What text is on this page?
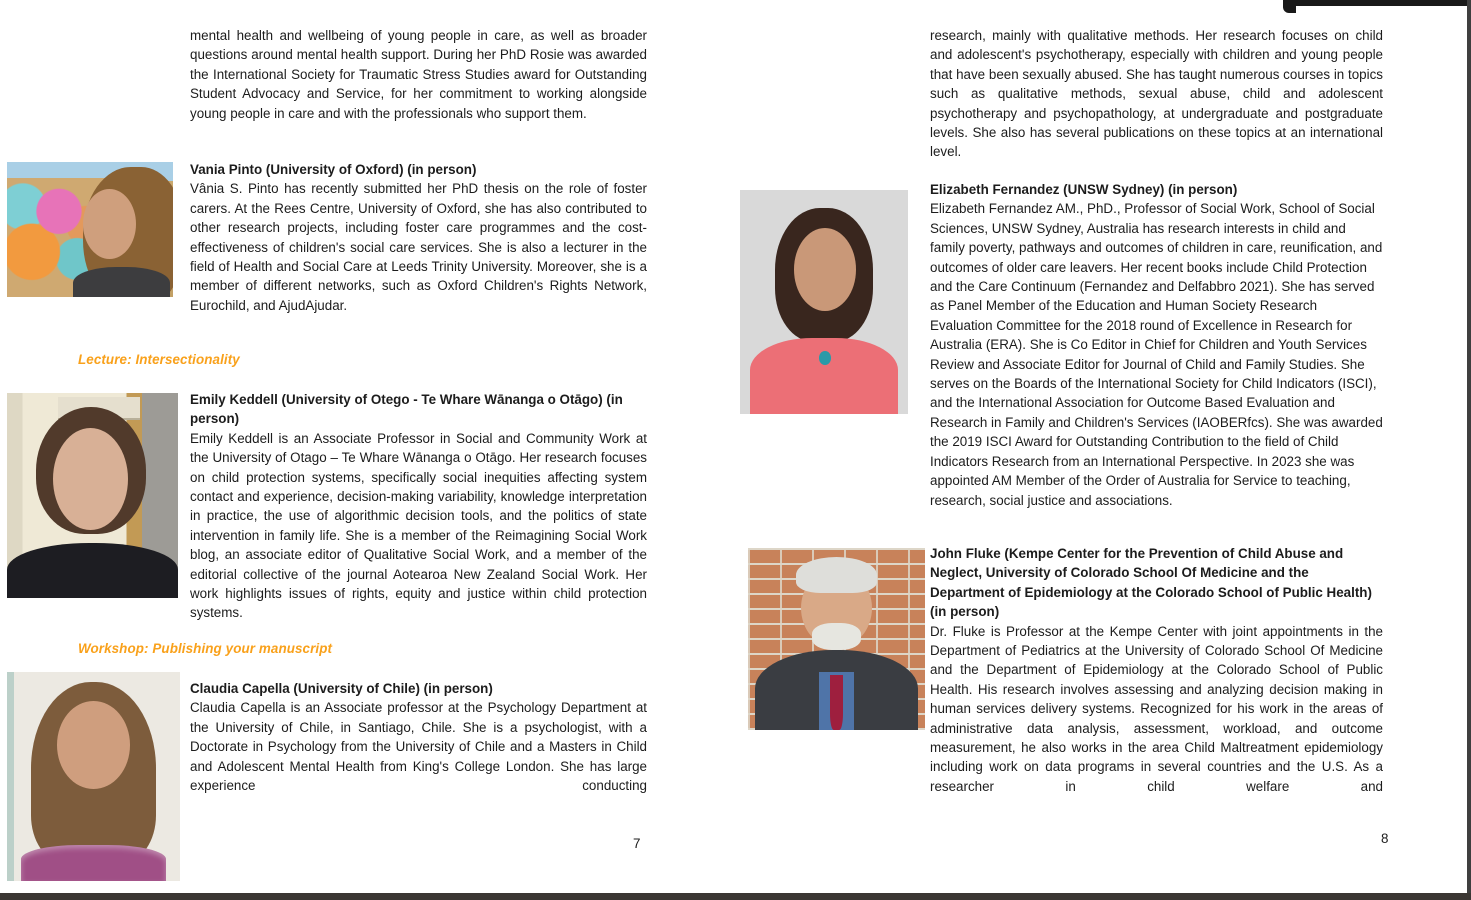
mental health and wellbeing of young people in care, as well as broader questions around mental health support. During her PhD Rosie was awarded the International Society for Traumatic Stress Studies award for Outstanding Student Advocacy and Service, for her commitment to working alongside young people in care and with the professionals who support them.
Vania Pinto (University of Oxford) (in person)

Vânia S. Pinto has recently submitted her PhD thesis on the role of foster carers. At the Rees Centre, University of Oxford, she has also contributed to other research projects, including foster care programmes and the cost-effectiveness of children's social care services. She is also a lecturer in the field of Health and Social Care at Leeds Trinity University. Moreover, she is a member of different networks, such as Oxford Children's Rights Network, Eurochild, and AjudAjudar.

Lecture: Intersectionality
Emily Keddell (University of Otego - Te Whare Wānanga o Otāgo) (in person)

Emily Keddell is an Associate Professor in Social and Community Work at the University of Otago – Te Whare Wānanga o Otāgo. Her research focuses on child protection systems, specifically social inequities affecting system contact and experience, decision-making variability, knowledge interpretation in practice, the use of algorithmic decision tools, and the politics of state intervention in family life. She is a member of the Reimagining Social Work blog, an associate editor of Qualitative Social Work, and a member of the editorial collective of the journal Aotearoa New Zealand Social Work. Her work highlights issues of rights, equity and justice within child protection systems.

Workshop: Publishing your manuscript
Claudia Capella (University of Chile) (in person)

Claudia Capella is an Associate professor at the Psychology Department at the University of Chile, in Santiago, Chile. She is a psychologist, with a Doctorate in Psychology from the University of Chile and a Masters in Child and Adolescent Mental Health from King's College London. She has large experience conducting

7
research, mainly with qualitative methods. Her research focuses on child and adolescent's psychotherapy, especially with children and young people that have been sexually abused. She has taught numerous courses in topics such as qualitative methods, sexual abuse, child and adolescent psychotherapy and psychopathology, at undergraduate and postgraduate levels. She also has several publications on these topics at an international level.
Elizabeth Fernandez (UNSW Sydney) (in person)

Elizabeth Fernandez AM., PhD., Professor of Social Work, School of Social Sciences, UNSW Sydney, Australia has research interests in child and family poverty, pathways and outcomes of children in care, reunification, and outcomes of older care leavers. Her recent books include Child Protection and the Care Continuum (Fernandez and Delfabbro 2021). She has served as Panel Member of the Education and Human Society Research Evaluation Committee for the 2018 round of Excellence in Research for Australia (ERA). She is Co Editor in Chief for Children and Youth Services Review and Associate Editor for Journal of Child and Family Studies. She serves on the Boards of the International Society for Child Indicators (ISCI), and the International Association for Outcome Based Evaluation and Research in Family and Children's Services (IAOBERfcs). She was awarded the 2019 ISCI Award for Outstanding Contribution to the field of Child Indicators Research from an International Perspective. In 2023 she was appointed AM Member of the Order of Australia for Service to teaching, research, social justice and associations.

John Fluke (Kempe Center for the Prevention of Child Abuse and Neglect, University of Colorado School Of Medicine and the Department of Epidemiology at the Colorado School of Public Health) (in person)

Dr. Fluke is Professor at the Kempe Center with joint appointments in the Department of Pediatrics at the University of Colorado School Of Medicine and the Department of Epidemiology at the Colorado School of Public Health. His research involves assessing and analyzing decision making in human services delivery systems. Recognized for his work in the areas of administrative data analysis, assessment, workload, and outcome measurement, he also works in the area Child Maltreatment epidemiology including work on data programs in several countries and the U.S. As a researcher in child welfare and

8
